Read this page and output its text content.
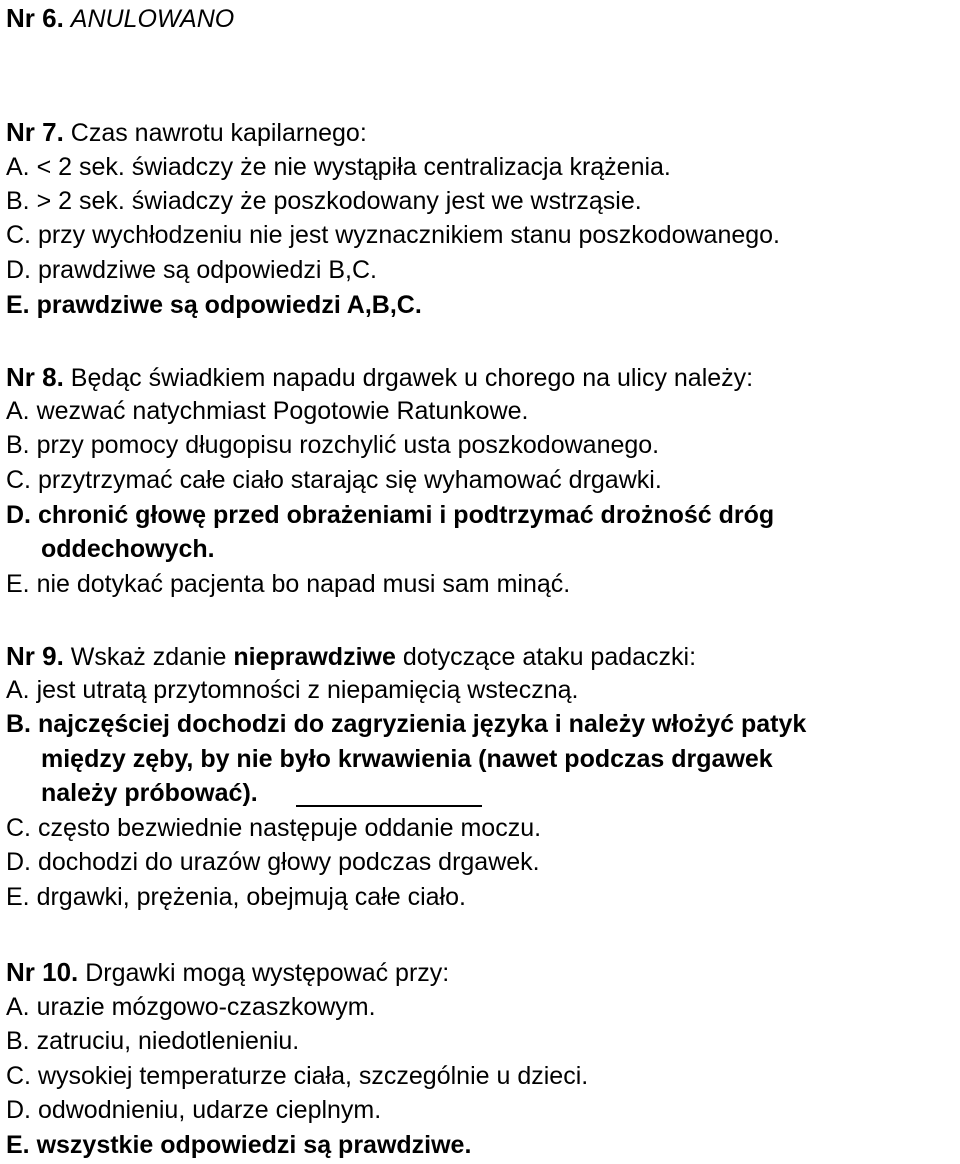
Nr 6. ANULOWANO
Nr 7. Czas nawrotu kapilarnego:
A. < 2 sek. świadczy że nie wystąpiła centralizacja krążenia.
B. > 2 sek. świadczy że poszkodowany jest we wstrząsie.
C. przy wychłodzeniu nie jest wyznacznikiem stanu poszkodowanego.
D. prawdziwe są odpowiedzi B,C.
E. prawdziwe są odpowiedzi A,B,C.
Nr 8. Będąc świadkiem napadu drgawek u chorego na ulicy należy:
A. wezwać natychmiast Pogotowie Ratunkowe.
B. przy pomocy długopisu rozchylić usta poszkodowanego.
C. przytrzymać całe ciało starając się wyhamować drgawki.
D. chronić głowę przed obrażeniami i podtrzymać drożność dróg
oddechowych.
E. nie dotykać pacjenta bo napad musi sam minąć.
Nr 9. Wskaż zdanie nieprawdziwe dotyczące ataku padaczki:
A. jest utratą przytomności z niepamięcią wsteczną.
B. najczęściej dochodzi do zagryzienia języka i należy włożyć patyk
między zęby, by nie było krwawienia (nawet podczas drgawek
należy próbować).
C. często bezwiednie następuje oddanie moczu.
D. dochodzi do urazów głowy podczas drgawek.
E. drgawki, prężenia, obejmują całe ciało.
Nr 10. Drgawki mogą występować przy:
A. urazie mózgowo-czaszkowym.
B. zatruciu, niedotlenieniu.
C. wysokiej temperaturze ciała, szczególnie u dzieci.
D. odwodnieniu, udarze cieplnym.
E. wszystkie odpowiedzi są prawdziwe.
